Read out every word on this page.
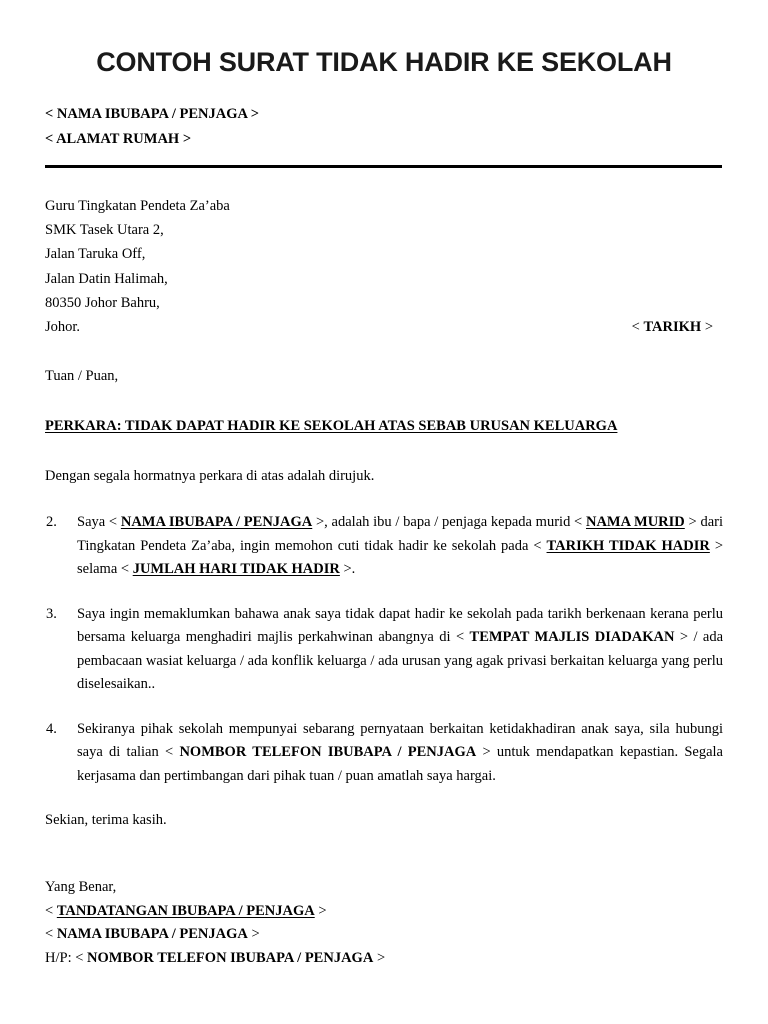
CONTOH SURAT TIDAK HADIR KE SEKOLAH
< NAMA IBUBAPA / PENJAGA >
< ALAMAT RUMAH >
Guru Tingkatan Pendeta Za’aba
SMK Tasek Utara 2,
Jalan Taruka Off,
Jalan Datin Halimah,
80350 Johor Bahru,
Johor.	< TARIKH >
Tuan / Puan,
PERKARA: TIDAK DAPAT HADIR KE SEKOLAH ATAS SEBAB URUSAN KELUARGA
Dengan segala hormatnya perkara di atas adalah dirujuk.
2. Saya < NAMA IBUBAPA / PENJAGA >, adalah ibu / bapa / penjaga kepada murid < NAMA MURID > dari Tingkatan Pendeta Za’aba, ingin memohon cuti tidak hadir ke sekolah pada < TARIKH TIDAK HADIR > selama < JUMLAH HARI TIDAK HADIR >.
3. Saya ingin memaklumkan bahawa anak saya tidak dapat hadir ke sekolah pada tarikh berkenaan kerana perlu bersama keluarga menghadiri majlis perkahwinan abangnya di < TEMPAT MAJLIS DIADAKAN > / ada pembacaan wasiat keluarga / ada konflik keluarga / ada urusan yang agak privasi berkaitan keluarga yang perlu diselesaikan..
4. Sekiranya pihak sekolah mempunyai sebarang pernyataan berkaitan ketidakhadiran anak saya, sila hubungi saya di talian < NOMBOR TELEFON IBUBAPA / PENJAGA > untuk mendapatkan kepastian. Segala kerjasama dan pertimbangan dari pihak tuan / puan amatlah saya hargai.
Sekian, terima kasih.
Yang Benar,
< TANDATANGAN IBUBAPA / PENJAGA >
< NAMA IBUBAPA / PENJAGA >
H/P: < NOMBOR TELEFON IBUBAPA / PENJAGA >
